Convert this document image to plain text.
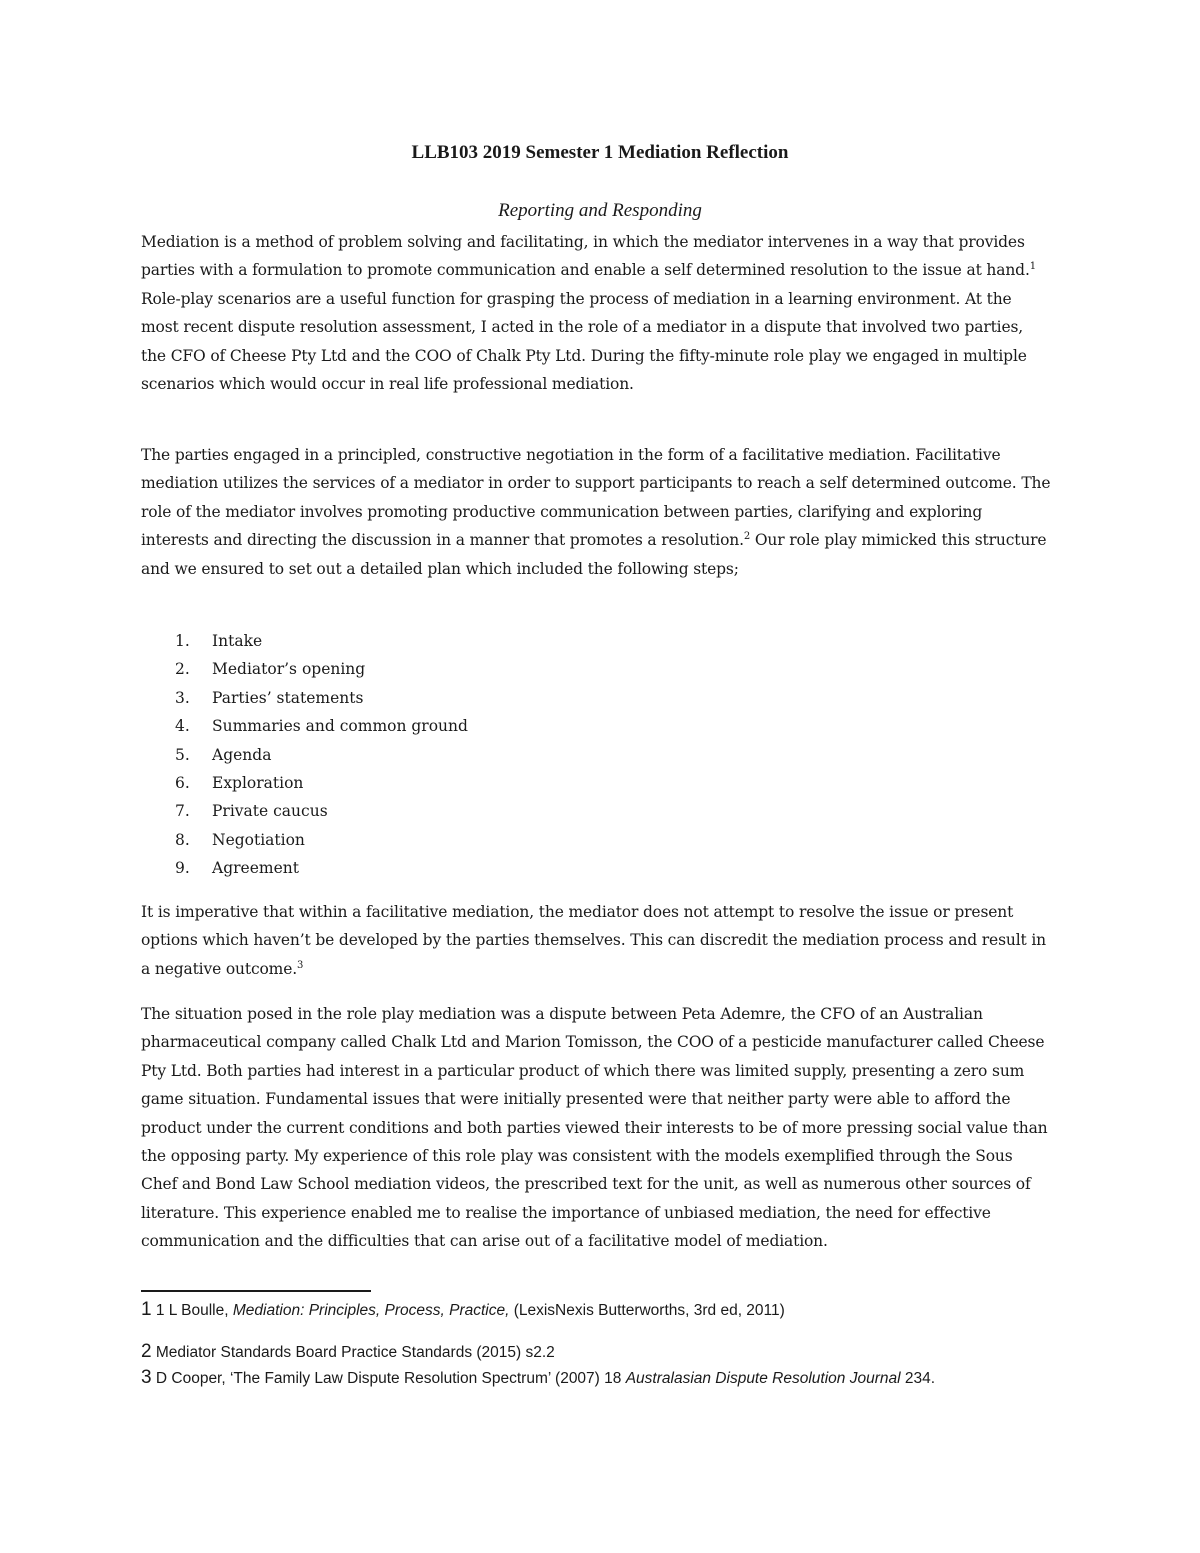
LLB103 2019 Semester 1 Mediation Reflection
Reporting and Responding

Mediation is a method of problem solving and facilitating, in which the mediator intervenes in a way that provides parties with a formulation to promote communication and enable a self determined resolution to the issue at hand.$^1$ Role-play scenarios are a useful function for grasping the process of mediation in a learning environment. At the most recent dispute resolution assessment, I acted in the role of a mediator in a dispute that involved two parties, the CFO of Cheese Pty Ltd and the COO of Chalk Pty Ltd. During the fifty-minute role play we engaged in multiple scenarios which would occur in real life professional mediation.

The parties engaged in a principled, constructive negotiation in the form of a facilitative mediation. Facilitative mediation utilizes the services of a mediator in order to support participants to reach a self determined outcome. The role of the mediator involves promoting productive communication between parties, clarifying and exploring interests and directing the discussion in a manner that promotes a resolution.$^2$ Our role play mimicked this structure and we ensured to set out a detailed plan which included the following steps;

1. Intake
2. Mediator’s opening
3. Parties’ statements
4. Summaries and common ground
5. Agenda
6. Exploration
7. Private caucus
8. Negotiation
9. Agreement

It is imperative that within a facilitative mediation, the mediator does not attempt to resolve the issue or present options which haven’t be developed by the parties themselves. This can discredit the mediation process and result in a negative outcome.$^3$

The situation posed in the role play mediation was a dispute between Peta Ademre, the CFO of an Australian pharmaceutical company called Chalk Ltd and Marion Tomisson, the COO of a pesticide manufacturer called Cheese Pty Ltd. Both parties had interest in a particular product of which there was limited supply, presenting a zero sum game situation. Fundamental issues that were initially presented were that neither party were able to afford the product under the current conditions and both parties viewed their interests to be of more pressing social value than the opposing party. My experience of this role play was consistent with the models exemplified through the Sous Chef and Bond Law School mediation videos, the prescribed text for the unit, as well as numerous other sources of literature. This experience enabled me to realise the importance of unbiased mediation, the need for effective communication and the difficulties that can arise out of a facilitative model of mediation.

1 1 L Boulle, Mediation: Principles, Process, Practice, (LexisNexis Butterworths, 3rd ed, 2011)
2 Mediator Standards Board Practice Standards (2015) s2.2
3 D Cooper, ‘The Family Law Dispute Resolution Spectrum’ (2007) 18 Australasian Dispute Resolution Journal 234.
